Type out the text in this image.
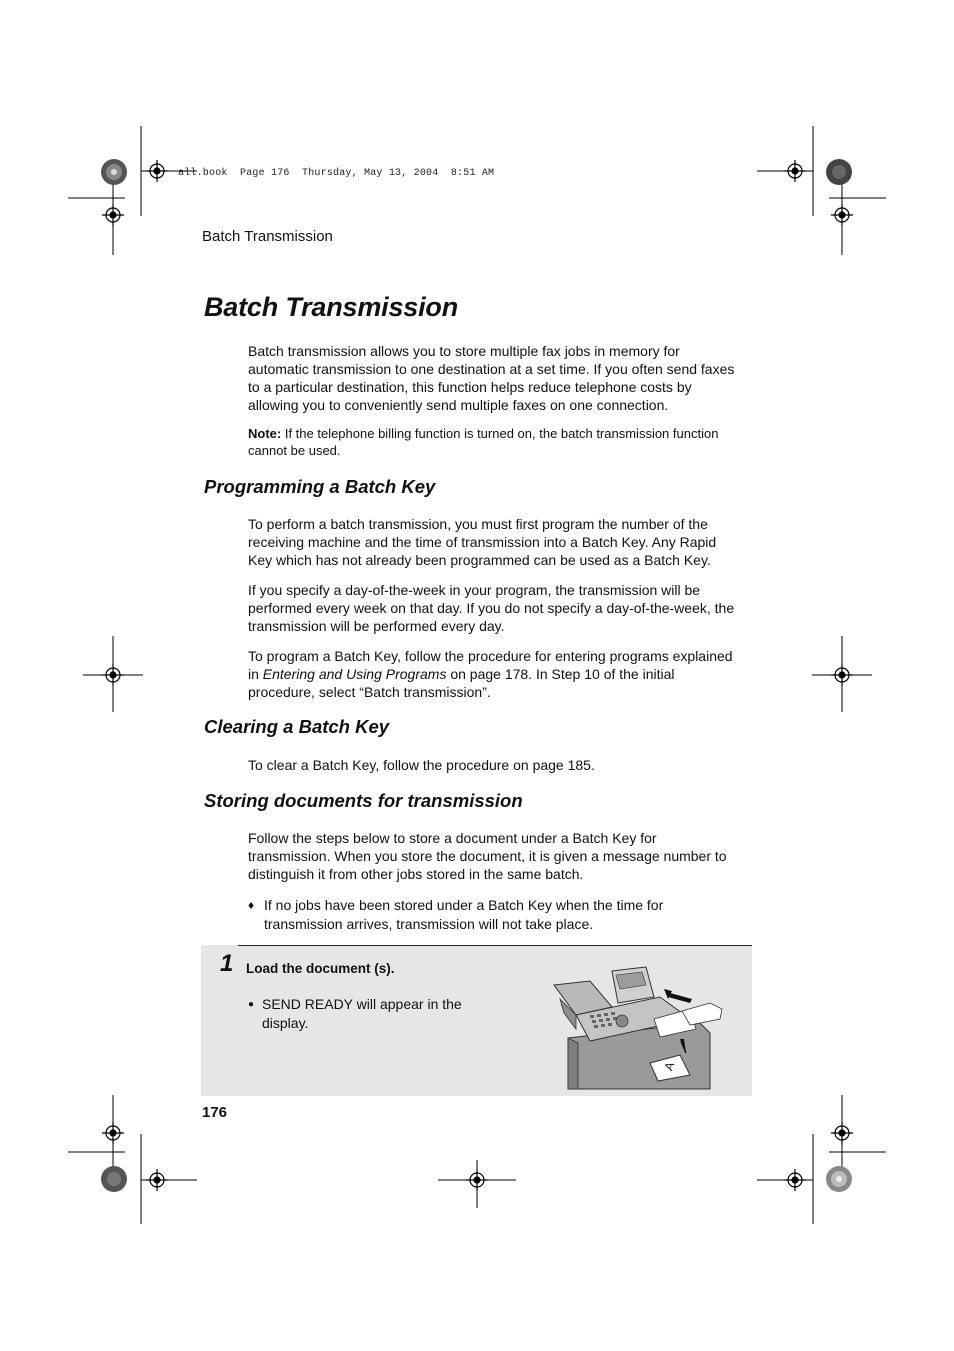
all.book  Page 176  Thursday, May 13, 2004  8:51 AM
Batch Transmission
Batch Transmission

Batch transmission allows you to store multiple fax jobs in memory for automatic transmission to one destination at a set time. If you often send faxes to a particular destination, this function helps reduce telephone costs by allowing you to conveniently send multiple faxes on one connection.

Note: If the telephone billing function is turned on, the batch transmission function cannot be used.

Programming a Batch Key

To perform a batch transmission, you must first program the number of the receiving machine and the time of transmission into a Batch Key. Any Rapid Key which has not already been programmed can be used as a Batch Key.

If you specify a day-of-the-week in your program, the transmission will be performed every week on that day. If you do not specify a day-of-the-week, the transmission will be performed every day.

To program a Batch Key, follow the procedure for entering programs explained in Entering and Using Programs on page 178. In Step 10 of the initial procedure, select “Batch transmission”.

Clearing a Batch Key

To clear a Batch Key, follow the procedure on page 185.

Storing documents for transmission

Follow the steps below to store a document under a Batch Key for transmission. When you store the document, it is given a message number to distinguish it from other jobs stored in the same batch.

♦ If no jobs have been stored under a Batch Key when the time for transmission arrives, transmission will not take place.
1 Load the document (s).
● SEND READY will appear in the display.
A
176
